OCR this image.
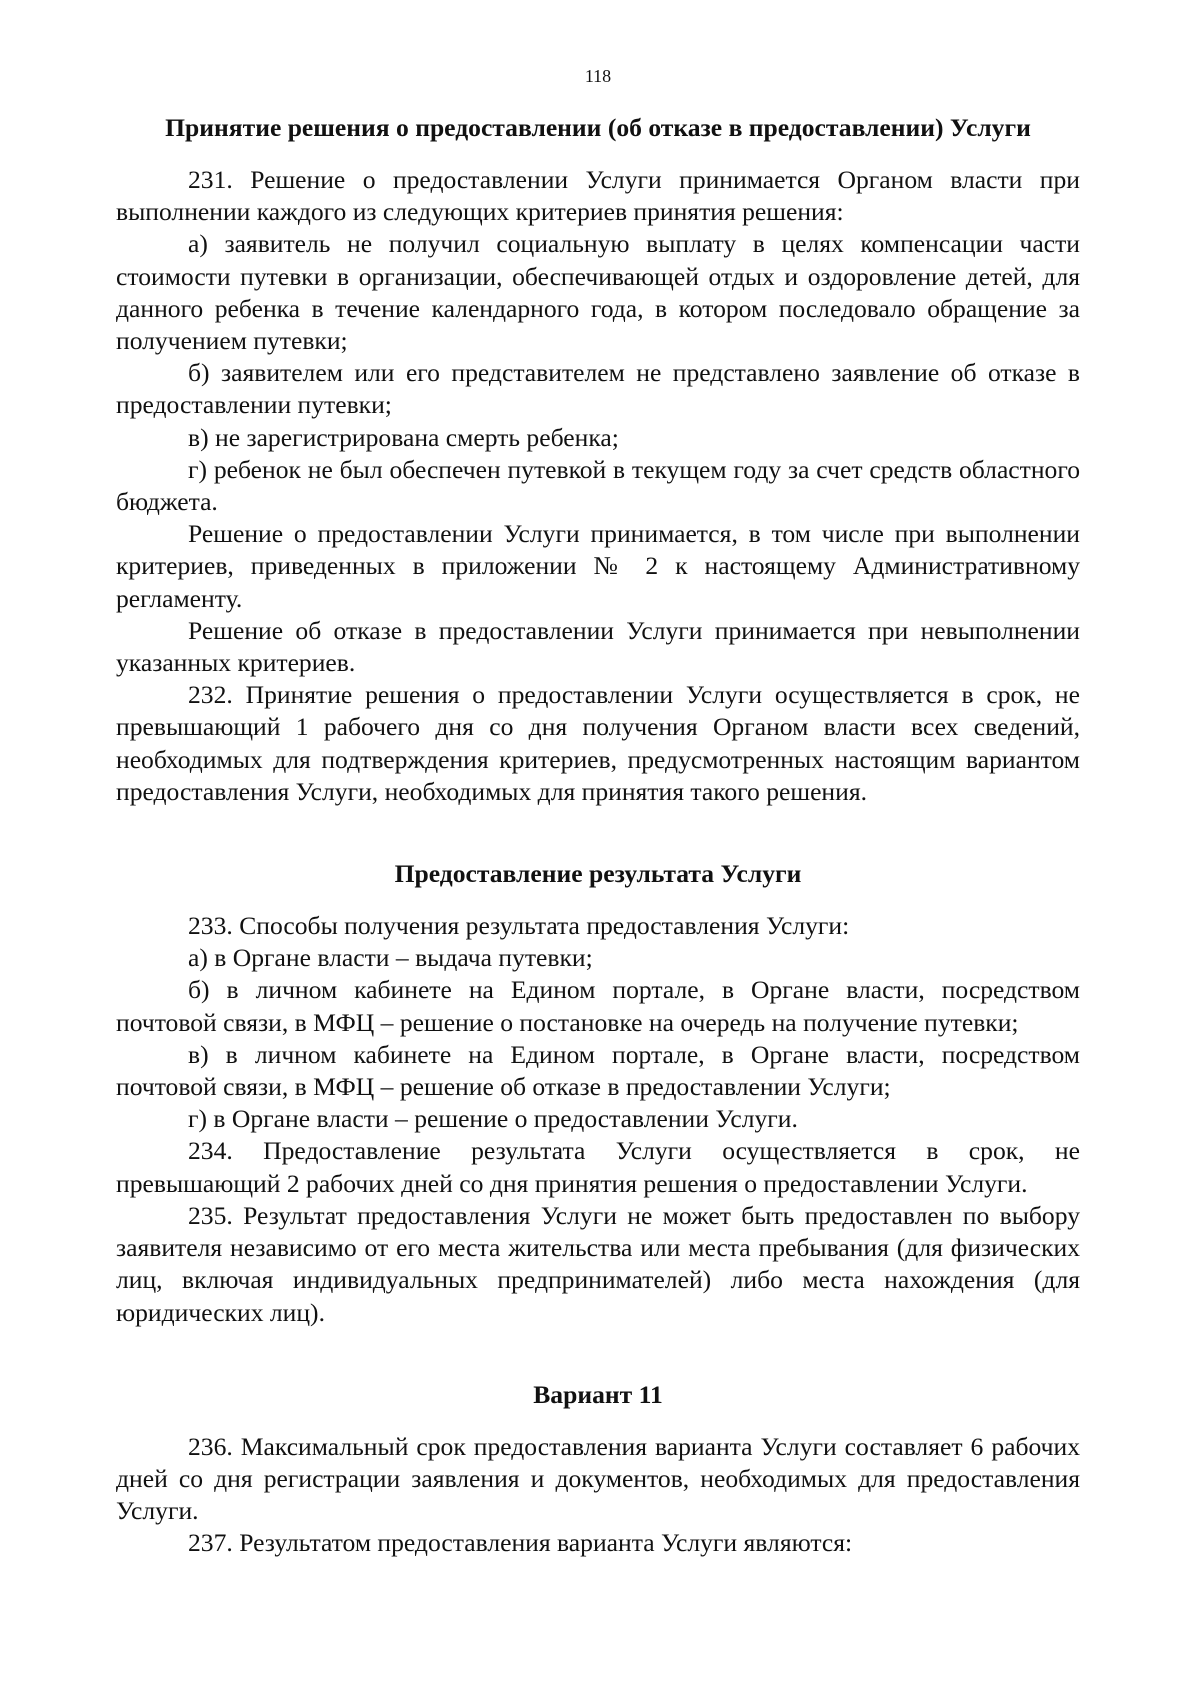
118
Принятие решения о предоставлении (об отказе в предоставлении) Услуги

231. Решение о предоставлении Услуги принимается Органом власти при выполнении каждого из следующих критериев принятия решения:

а) заявитель не получил социальную выплату в целях компенсации части стоимости путевки в организации, обеспечивающей отдых и оздоровление детей, для данного ребенка в течение календарного года, в котором последовало обращение за получением путевки;

б) заявителем или его представителем не представлено заявление об отказе в предоставлении путевки;

в) не зарегистрирована смерть ребенка;

г) ребенок не был обеспечен путевкой в текущем году за счет средств областного бюджета.

Решение о предоставлении Услуги принимается, в том числе при выполнении критериев, приведенных в приложении № 2 к настоящему Административному регламенту.

Решение об отказе в предоставлении Услуги принимается при невыполнении указанных критериев.

232. Принятие решения о предоставлении Услуги осуществляется в срок, не превышающий 1 рабочего дня со дня получения Органом власти всех сведений, необходимых для подтверждения критериев, предусмотренных настоящим вариантом предоставления Услуги, необходимых для принятия такого решения.

Предоставление результата Услуги

233. Способы получения результата предоставления Услуги:

а) в Органе власти – выдача путевки;

б) в личном кабинете на Едином портале, в Органе власти, посредством почтовой связи, в МФЦ – решение о постановке на очередь на получение путевки;

в) в личном кабинете на Едином портале, в Органе власти, посредством почтовой связи, в МФЦ – решение об отказе в предоставлении Услуги;

г) в Органе власти – решение о предоставлении Услуги.

234. Предоставление результата Услуги осуществляется в срок, не превышающий 2 рабочих дней со дня принятия решения о предоставлении Услуги.

235. Результат предоставления Услуги не может быть предоставлен по выбору заявителя независимо от его места жительства или места пребывания (для физических лиц, включая индивидуальных предпринимателей) либо места нахождения (для юридических лиц).

Вариант 11

236. Максимальный срок предоставления варианта Услуги составляет 6 рабочих дней со дня регистрации заявления и документов, необходимых для предоставления Услуги.

237. Результатом предоставления варианта Услуги являются:
